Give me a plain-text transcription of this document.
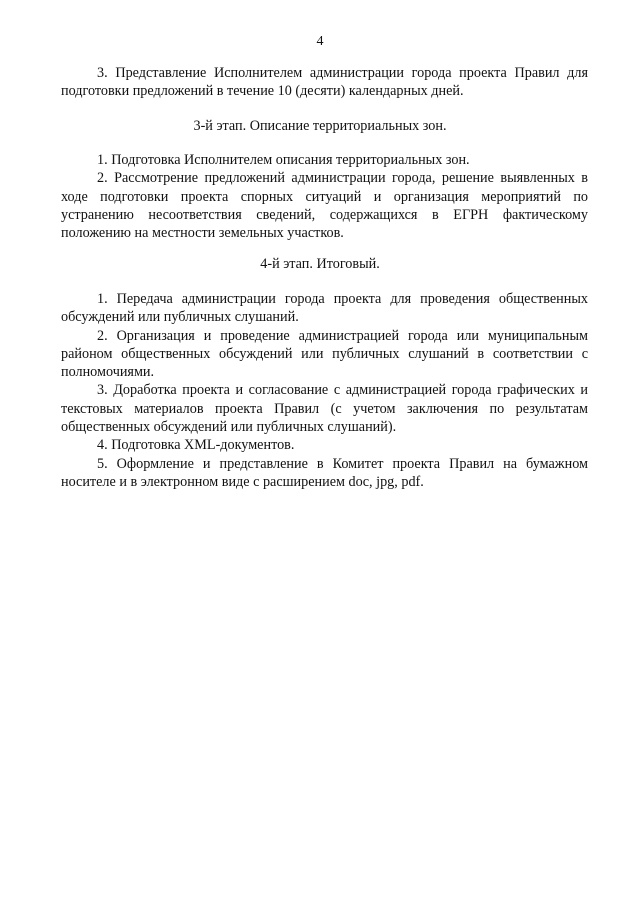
4

3. Представление Исполнителем администрации города проекта Правил для подготовки предложений в течение 10 (десяти) календарных дней.

3-й этап. Описание территориальных зон.

1. Подготовка Исполнителем описания территориальных зон.

2. Рассмотрение предложений администрации города, решение выявленных в ходе подготовки проекта спорных ситуаций и организация мероприятий по устранению несоответствия сведений, содержащихся в ЕГРН фактическому положению на местности земельных участков.

4-й этап. Итоговый.

1. Передача администрации города проекта для проведения общественных обсуждений или публичных слушаний.

2. Организация и проведение администрацией города или муниципальным районом общественных обсуждений или публичных слушаний в соответствии с полномочиями.

3. Доработка проекта и согласование с администрацией города графических и текстовых материалов проекта Правил (с учетом заключения по результатам общественных обсуждений или публичных слушаний).

4. Подготовка XML-документов.

5. Оформление и представление в Комитет проекта Правил на бумажном носителе и в электронном виде с расширением doc, jpg, pdf.
